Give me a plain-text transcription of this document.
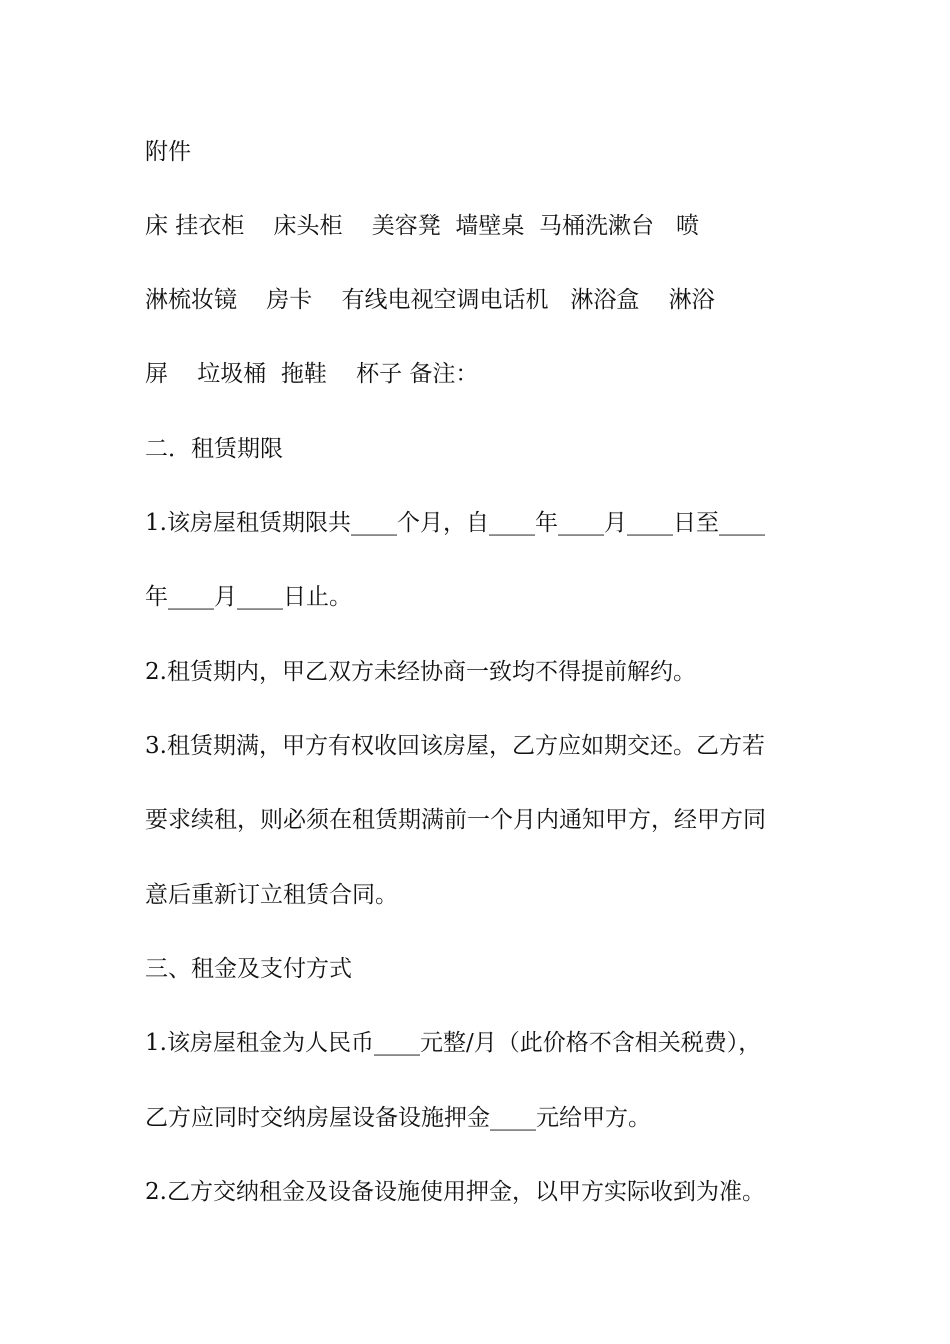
附件
床 挂衣柜    床头柜    美容凳  墙壁桌  马桶洗漱台   喷
淋梳妆镜    房卡    有线电视空调电话机   淋浴盒    淋浴
屏    垃圾桶  拖鞋    杯子 备注：
二．租赁期限
1.该房屋租赁期限共____个月，自____年____月____日至____
年____月____日止。
2.租赁期内，甲乙双方未经协商一致均不得提前解约。
3.租赁期满，甲方有权收回该房屋，乙方应如期交还。乙方若
要求续租，则必须在租赁期满前一个月内通知甲方，经甲方同
意后重新订立租赁合同。
三、租金及支付方式
1.该房屋租金为人民币____元整/月（此价格不含相关税费），
乙方应同时交纳房屋设备设施押金____元给甲方。
2.乙方交纳租金及设备设施使用押金，以甲方实际收到为准。
